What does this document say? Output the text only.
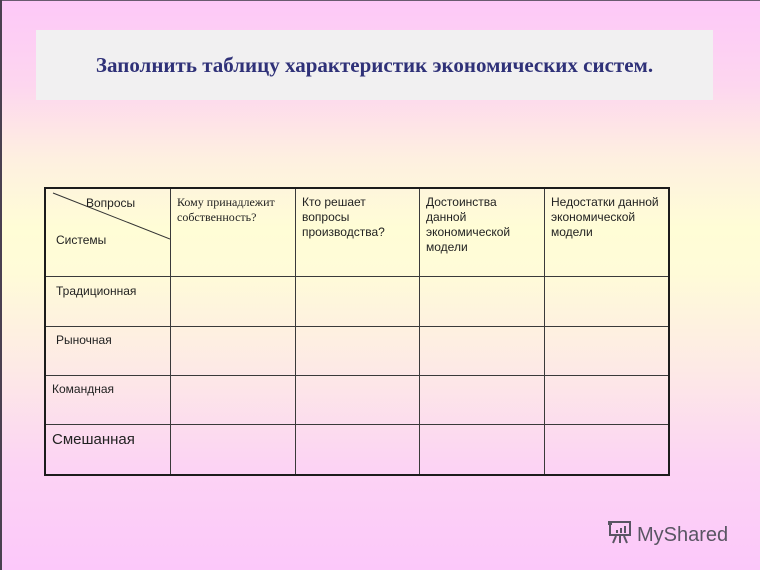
Заполнить таблицу характеристик экономических систем.
Вопросы
Системы	Кому принадлежит собственность?	Кто решает вопросы производства?	Достоинства данной экономической модели	Недостатки данной экономической модели
Традиционная				
Рыночная				
Командная				
Смешанная				
MyShared
